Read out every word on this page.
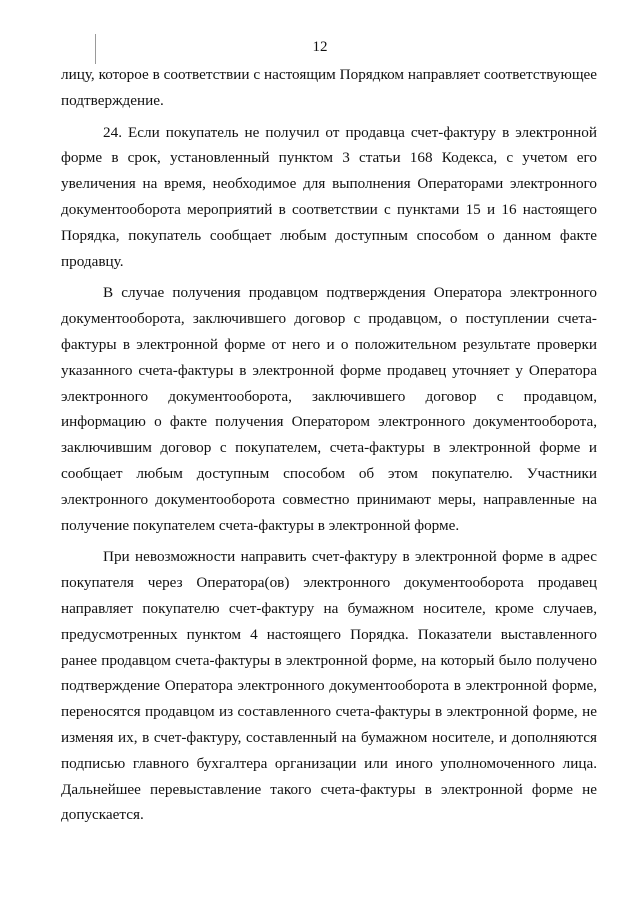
12

лицу, которое в соответствии с настоящим Порядком направляет соответствующее подтверждение.

24. Если покупатель не получил от продавца счет-фактуру в электронной форме в срок, установленный пунктом 3 статьи 168 Кодекса, с учетом его увеличения на время, необходимое для выполнения Операторами электронного документооборота мероприятий в соответствии с пунктами 15 и 16 настоящего Порядка, покупатель сообщает любым доступным способом о данном факте продавцу.

В случае получения продавцом подтверждения Оператора электронного документооборота, заключившего договор с продавцом, о поступлении счета-фактуры в электронной форме от него и о положительном результате проверки указанного счета-фактуры в электронной форме продавец уточняет у Оператора электронного документооборота, заключившего договор с продавцом, информацию о факте получения Оператором электронного документооборота, заключившим договор с покупателем, счета-фактуры в электронной форме и сообщает любым доступным способом об этом покупателю. Участники электронного документооборота совместно принимают меры, направленные на получение покупателем счета-фактуры в электронной форме.

При невозможности направить счет-фактуру в электронной форме в адрес покупателя через Оператора(ов) электронного документооборота продавец направляет покупателю счет-фактуру на бумажном носителе, кроме случаев, предусмотренных пунктом 4 настоящего Порядка. Показатели выставленного ранее продавцом счета-фактуры в электронной форме, на который было получено подтверждение Оператора электронного документооборота в электронной форме, переносятся продавцом из составленного счета-фактуры в электронной форме, не изменяя их, в счет-фактуру, составленный на бумажном носителе, и дополняются подписью главного бухгалтера организации или иного уполномоченного лица. Дальнейшее перевыставление такого счета-фактуры в электронной форме не допускается.
